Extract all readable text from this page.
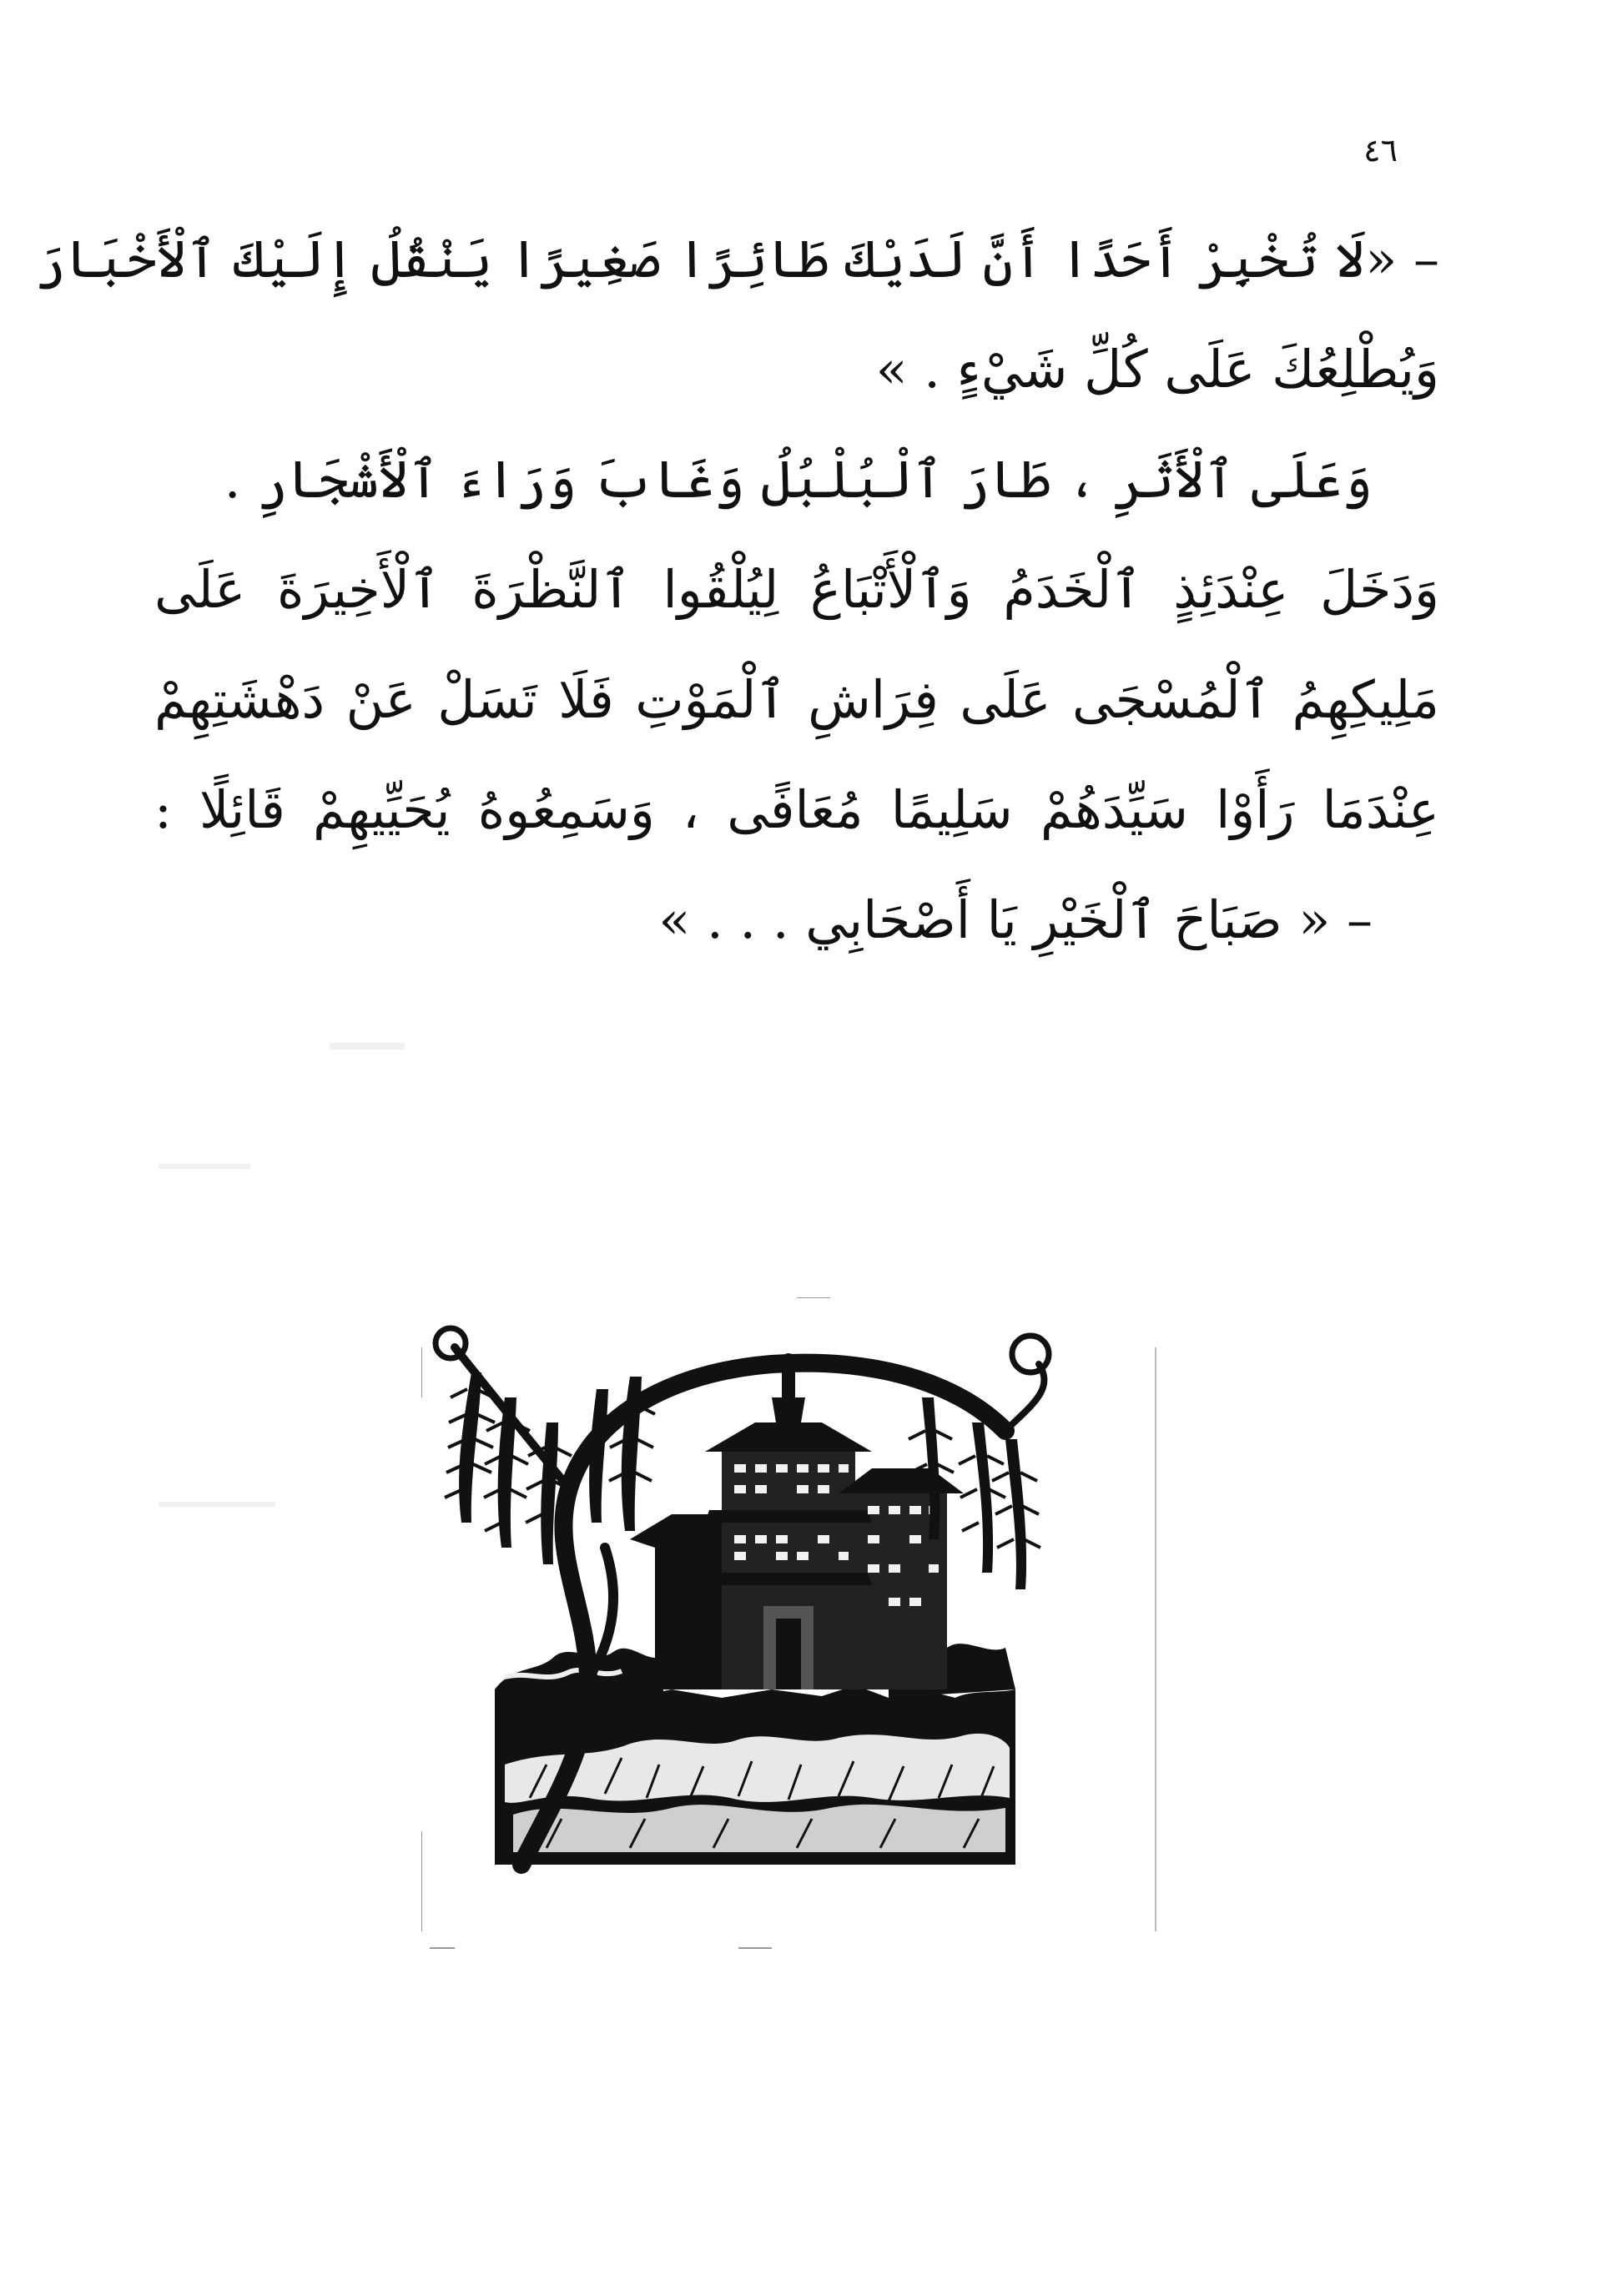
٤٦
– «لَا تُخْبِرْ أَحَدًا أَنَّ لَدَيْكَ طَائِرًا صَغِيرًا يَنْقُلُ إِلَيْكَ ٱلْأَخْبَارَ
وَيُطْلِعُكَ عَلَى كُلِّ شَيْءٍ . »
وَعَلَى ٱلْأَثَرِ ، طَارَ ٱلْبُلْبُلُ وَغَابَ وَرَاءَ ٱلْأَشْجَارِ .
وَدَخَلَ عِنْدَئِذٍ ٱلْخَدَمُ وَٱلْأَتْبَاعُ لِيُلْقُوا ٱلنَّظْرَةَ ٱلْأَخِيرَةَ عَلَى
مَلِيكِهِمُ ٱلْمُسْجَى عَلَى فِرَاشِ ٱلْمَوْتِ فَلَا تَسَلْ عَنْ دَهْشَتِهِمْ
عِنْدَمَا رَأَوْا سَيِّدَهُمْ سَلِيمًا مُعَافًى ، وَسَمِعُوهُ يُحَيِّيهِمْ قَائِلًا :
– « صَبَاحَ ٱلْخَيْرِ يَا أَصْحَابِي . . . »
